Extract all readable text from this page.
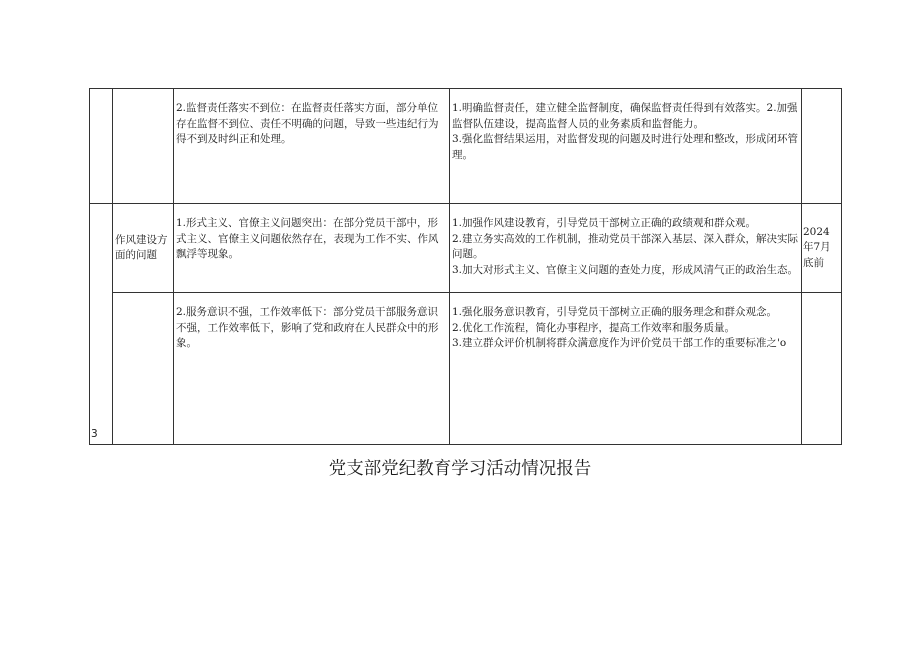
		2.监督责任落实不到位：在监督责任落实方面，部分单位存在监督不到位、责任不明确的问题，导致一些违纪行为得不到及时纠正和处理。	1.明确监督责任，建立健全监督制度，确保监督责任得到有效落实。2.加强监督队伍建设，提高监督人员的业务素质和监督能力。
3.强化监督结果运用，对监督发现的问题及时进行处理和整改，形成闭环管理。	

3	作风建设方面的问题	1.形式主义、官僚主义问题突出：在部分党员干部中，形式主义、官僚主义问题依然存在，表现为工作不实、作风飘浮等现象。	1.加强作风建设教育，引导党员干部树立正确的政绩观和群众观。
2.建立务实高效的工作机制，推动党员干部深入基层、深入群众，解决实际问题。
3.加大对形式主义、官僚主义问题的查处力度，形成风清气正的政治生态。	2024年7月底前
		2.服务意识不强，工作效率低下：部分党员干部服务意识不强，工作效率低下，影响了党和政府在人民群众中的形象。	1.强化服务意识教育，引导党员干部树立正确的服务理念和群众观念。
2.优化工作流程，简化办事程序，提高工作效率和服务质量。
3.建立群众评价机制将群众满意度作为评价党员干部工作的重要标准之'o	

党支部党纪教育学习活动情况报告
